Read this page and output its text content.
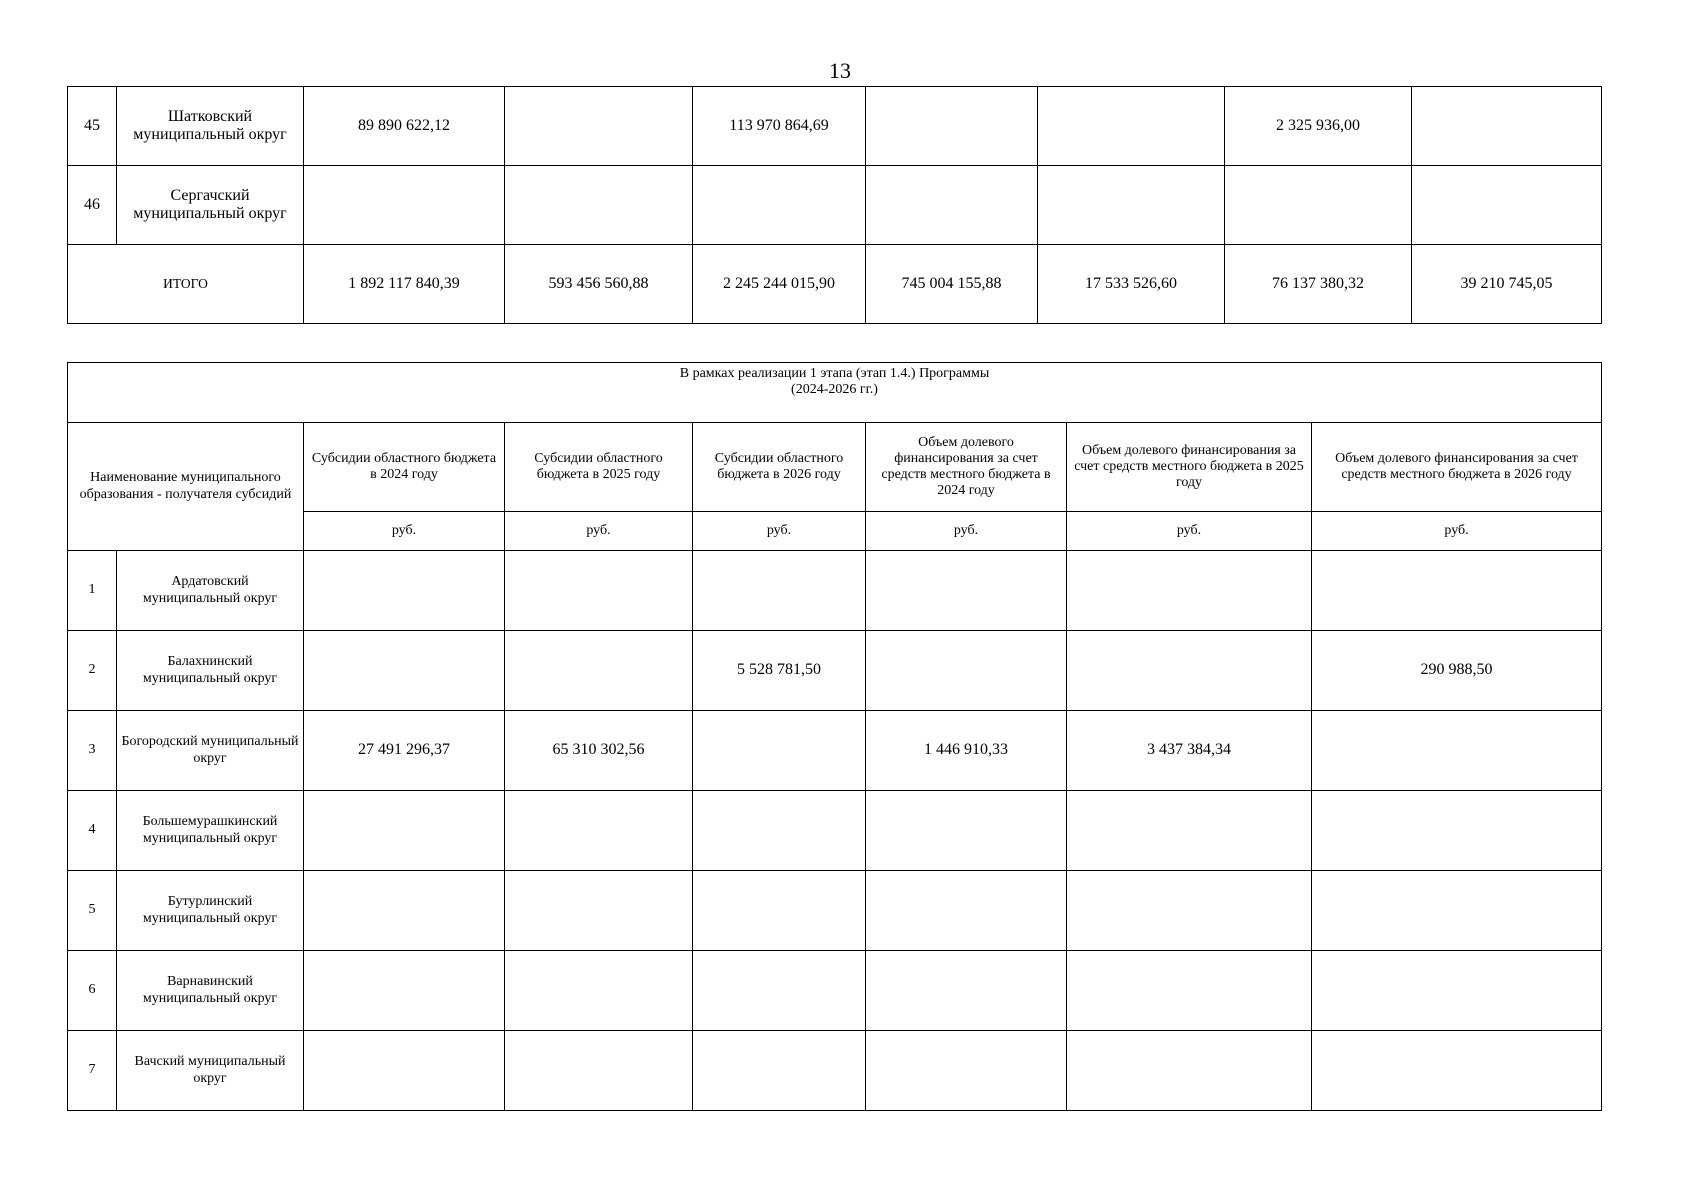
13
45	Шатковский муниципальный округ	89 890 622,12		113 970 864,69			2 325 936,00	
46	Сергачский муниципальный округ							
ИТОГО		1 892 117 840,39	593 456 560,88	2 245 244 015,90	745 004 155,88	17 533 526,60	76 137 380,32	39 210 745,05
В рамках реализации 1 этапа (этап 1.4.) Программы
(2024-2026 гг.)							

Наименование муниципального образования - получателя субсидий		Субсидии областного бюджета в 2024 году	Субсидии областного бюджета в 2025 году	Субсидии областного бюджета в 2026 году	Объем долевого финансирования за счет средств местного бюджета в 2024 году	Объем долевого финансирования за счет средств местного бюджета в 2025 году	Объем долевого финансирования за счет средств местного бюджета в 2026 году
		руб.	руб.	руб.	руб.	руб.	руб.
1	Ардатовский муниципальный округ						
2	Балахнинский муниципальный округ			5 528 781,50			290 988,50
3	Богородский муниципальный округ	27 491 296,37	65 310 302,56		1 446 910,33	3 437 384,34	
4	Большемурашкинский муниципальный округ						
5	Бутурлинский муниципальный округ						
6	Варнавинский муниципальный округ						
7	Вачский муниципальный округ						
